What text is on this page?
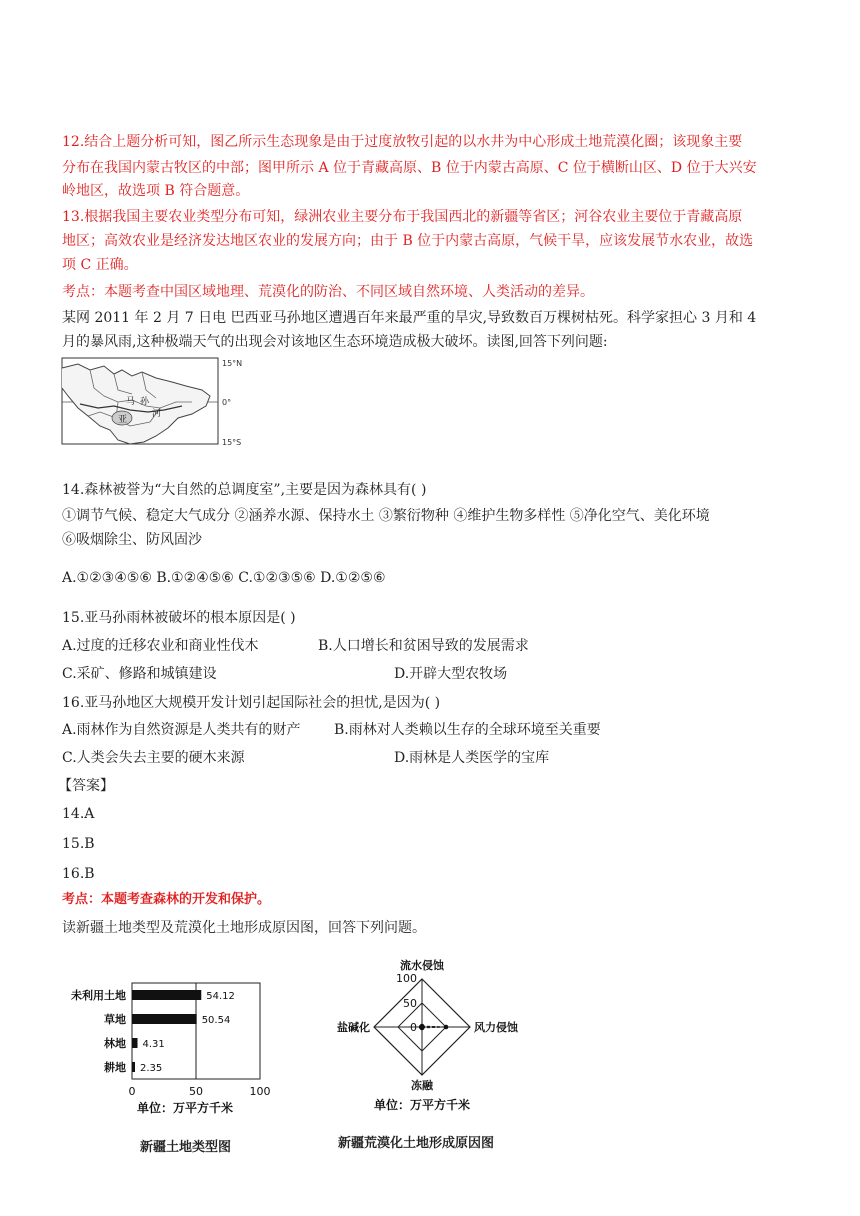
12.结合上题分析可知，图乙所示生态现象是由于过度放牧引起的以水井为中心形成土地荒漠化圈；该现象主要
分布在我国内蒙古牧区的中部；图甲所示 A 位于青藏高原、B 位于内蒙古高原、C 位于横断山区、D 位于大兴安
岭地区，故选项 B 符合题意。
13.根据我国主要农业类型分布可知，绿洲农业主要分布于我国西北的新疆等省区；河谷农业主要位于青藏高原
地区；高效农业是经济发达地区农业的发展方向；由于 B 位于内蒙古高原，气候干旱，应该发展节水农业，故选
项 C 正确。
考点：本题考查中国区域地理、荒漠化的防治、不同区域自然环境、人类活动的差异。
某网 2011 年 2 月 7 日电 巴西亚马孙地区遭遇百年来最严重的旱灾,导致数百万棵树枯死。科学家担心 3 月和 4
月的暴风雨,这种极端天气的出现会对该地区生态环境造成极大破坏。读图,回答下列问题:
15°N
0°
15°S
马 孙
河
亚
14.森林被誉为“大自然的总调度室”,主要是因为森林具有( )
①调节气候、稳定大气成分 ②涵养水源、保持水土 ③繁衍物种 ④维护生物多样性 ⑤净化空气、美化环境
⑥吸烟除尘、防风固沙
A.①②③④⑤⑥ B.①②④⑤⑥ C.①②③⑤⑥ D.①②⑤⑥
15.亚马孙雨林被破坏的根本原因是( )
A.过度的迁移农业和商业性伐木	B.人口增长和贫困导致的发展需求
C.采矿、修路和城镇建设	D.开辟大型农牧场
16.亚马孙地区大规模开发计划引起国际社会的担忧,是因为( )
A.雨林作为自然资源是人类共有的财产 B.雨林对人类赖以生存的全球环境至关重要
C.人类会失去主要的硬木来源	D.雨林是人类医学的宝库
【答案】
14.A
15.B
16.B
考点：本题考查森林的开发和保护。
读新疆土地类型及荒漠化土地形成原因图，回答下列问题。
未利用土地	54.12
草地	50.54
林地 4.31
耕地 2.35
0	50	100
单位：万平方千米
新疆土地类型图
流水侵蚀
风力侵蚀
冻融
盐碱化
100
50
0
单位：万平方千米
新疆荒漠化土地形成原因图
